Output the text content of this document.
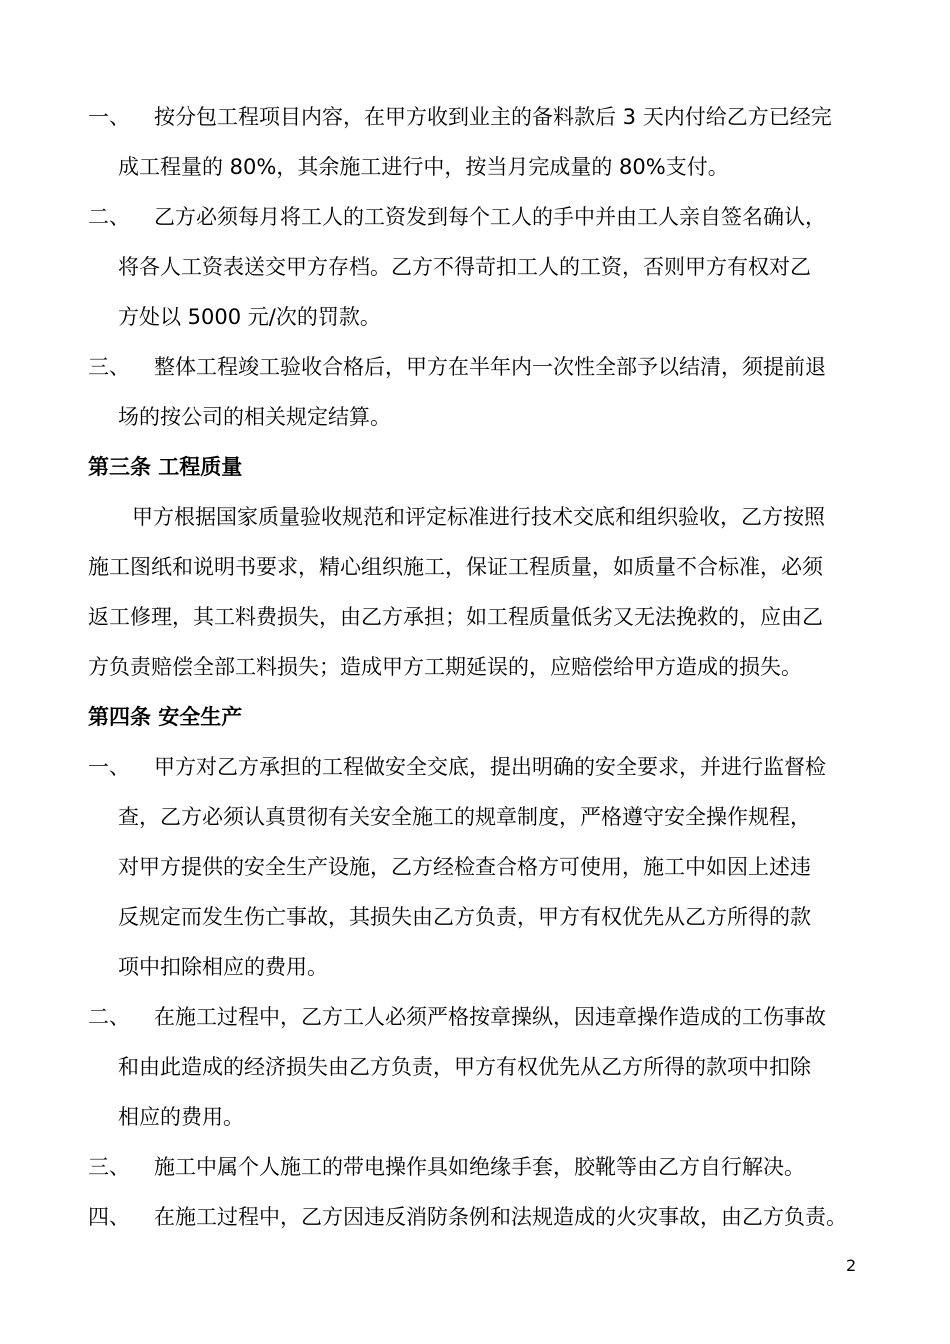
一、	按分包工程项目内容，在甲方收到业主的备料款后 3 天内付给乙方已经完
成工程量的 80%，其余施工进行中，按当月完成量的 80%支付。
二、	乙方必须每月将工人的工资发到每个工人的手中并由工人亲自签名确认，
将各人工资表送交甲方存档。乙方不得苛扣工人的工资，否则甲方有权对乙
方处以 5000 元/次的罚款。
三、	整体工程竣工验收合格后，甲方在半年内一次性全部予以结清，须提前退
场的按公司的相关规定结算。
第三条 工程质量
甲方根据国家质量验收规范和评定标准进行技术交底和组织验收，乙方按照
施工图纸和说明书要求，精心组织施工，保证工程质量，如质量不合标准，必须
返工修理，其工料费损失，由乙方承担；如工程质量低劣又无法挽救的，应由乙
方负责赔偿全部工料损失；造成甲方工期延误的，应赔偿给甲方造成的损失。
第四条 安全生产
一、	甲方对乙方承担的工程做安全交底，提出明确的安全要求，并进行监督检
查，乙方必须认真贯彻有关安全施工的规章制度，严格遵守安全操作规程，
对甲方提供的安全生产设施，乙方经检查合格方可使用，施工中如因上述违
反规定而发生伤亡事故，其损失由乙方负责，甲方有权优先从乙方所得的款
项中扣除相应的费用。
二、	在施工过程中，乙方工人必须严格按章操纵，因违章操作造成的工伤事故
和由此造成的经济损失由乙方负责，甲方有权优先从乙方所得的款项中扣除
相应的费用。
三、	施工中属个人施工的带电操作具如绝缘手套，胶靴等由乙方自行解决。
四、	在施工过程中，乙方因违反消防条例和法规造成的火灾事故，由乙方负责。
2
